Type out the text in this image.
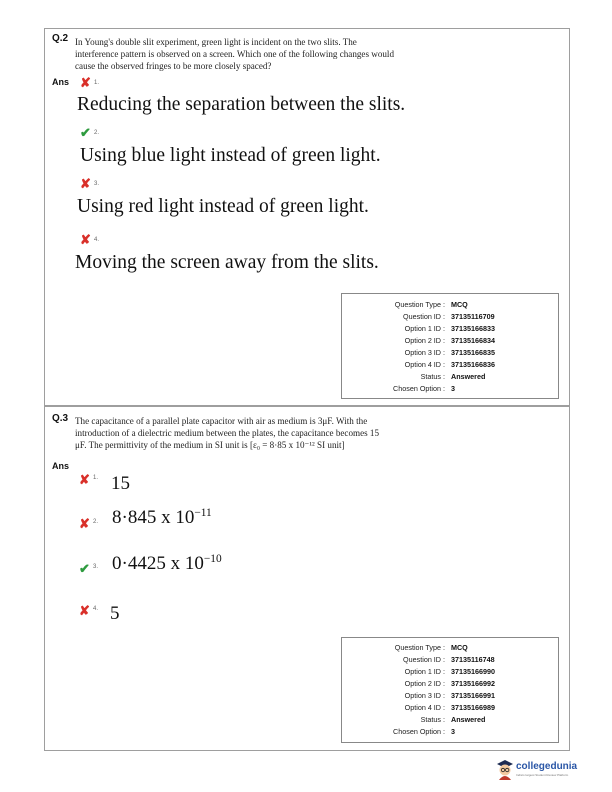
Q.2 In Young's double slit experiment, green light is incident on the two slits. The
interference pattern is observed on a screen. Which one of the following changes would
cause the observed fringes to be more closely spaced?
Ans ✘ 1.
Reducing the separation between the slits.
✔ 2.
Using blue light instead of green light.
✘ 3.
Using red light instead of green light.
✘ 4.
Moving the screen away from the slits.
Question Type : MCQ
Question ID : 37135116709
Option 1 ID : 37135166833
Option 2 ID : 37135166834
Option 3 ID : 37135166835
Option 4 ID : 37135166836
Status : Answered
Chosen Option : 3
Q.3 The capacitance of a parallel plate capacitor with air as medium is 3μF. With the
introduction of a dielectric medium between the plates, the capacitance becomes 15
μF. The permittivity of the medium in SI unit is [ε₀ = 8·85 x 10⁻¹² SI unit]
Ans
✘ 1. 15
✘ 2. 8·845 x $10^{-11}$
✔ 3. 0·4425 x $10^{-10}$
✘ 4. 5
Question Type : MCQ
Question ID : 37135116748
Option 1 ID : 37135166990
Option 2 ID : 37135166992
Option 3 ID : 37135166991
Option 4 ID : 37135166989
Status : Answered
Chosen Option : 3
collegedunia
India's largest Student Review Platform
